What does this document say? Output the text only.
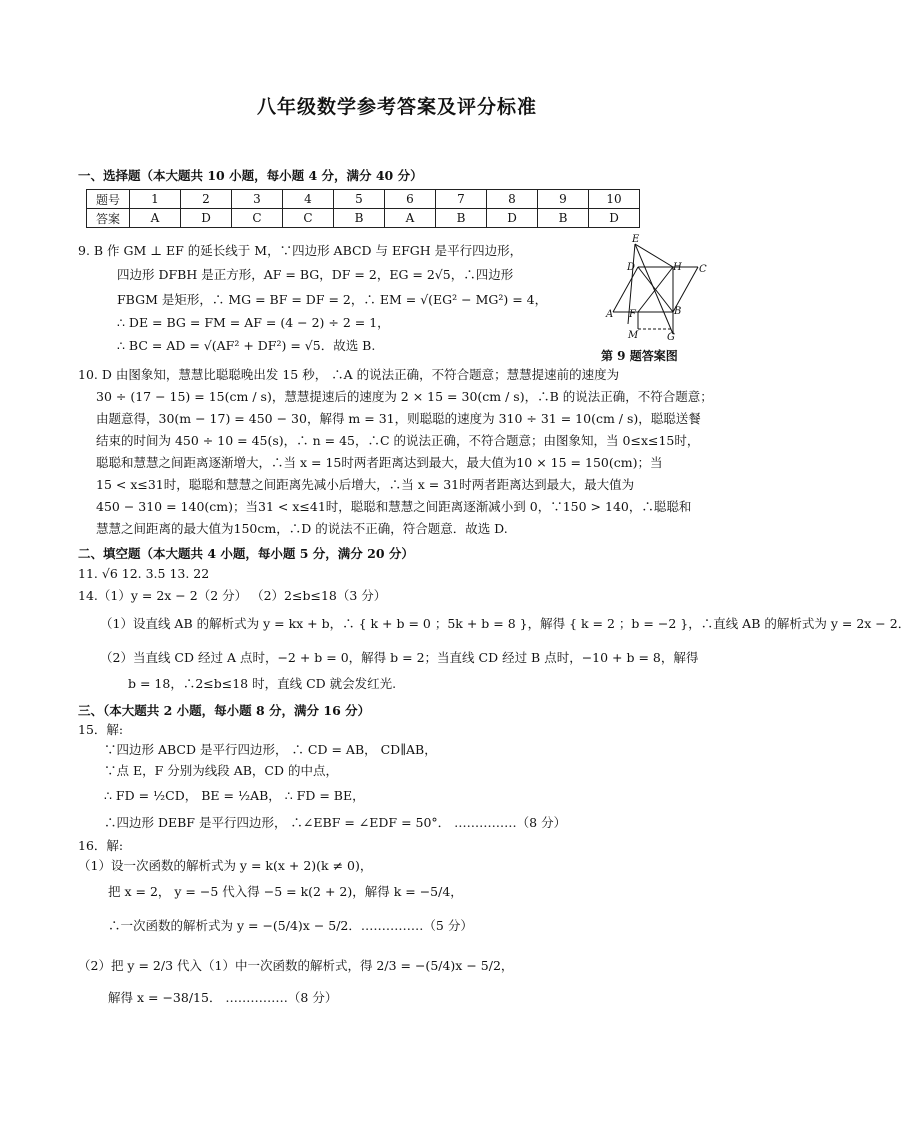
八年级数学参考答案及评分标准
一、选择题（本大题共 10 小题，每小题 4 分，满分 40 分）
题号	1	2	3	4	5	6	7	8	9	10
答案	A	D	C	C	B	A	B	D	B	D
9. B 作 GM ⊥ EF 的延长线于 M，∵四边形 ABCD 与 EFGH 是平行四边形，
四边形 DFBH 是正方形，AF = BG，DF = 2，EG = 2√5，∴四边形
FBGM 是矩形，∴ MG = BF = DF = 2，∴ EM = √(EG² − MG²) = 4，
∴ DE = BG = FM = AF = (4 − 2) ÷ 2 = 1，
∴ BC = AD = √(AF² + DF²) = √5．故选 B.
E
D	H C
A F	B
M	G
第 9 题答案图
10. D 由图象知，慧慧比聪聪晚出发 15 秒， ∴A 的说法正确，不符合题意；慧慧提速前的速度为
30 ÷ (17 − 15) = 15(cm / s)，慧慧提速后的速度为 2 × 15 = 30(cm / s)，∴B 的说法正确，不符合题意；
由题意得，30(m − 17) = 450 − 30，解得 m = 31，则聪聪的速度为 310 ÷ 31 = 10(cm / s)，聪聪送餐
结束的时间为 450 ÷ 10 = 45(s)，∴ n = 45，∴C 的说法正确，不符合题意；由图象知，当 0≤x≤15时，
聪聪和慧慧之间距离逐渐增大，∴当 x = 15时两者距离达到最大，最大值为10 × 15 = 150(cm)；当
15 < x≤31时，聪聪和慧慧之间距离先减小后增大，∴当 x = 31时两者距离达到最大，最大值为
450 − 310 = 140(cm)；当31 < x≤41时，聪聪和慧慧之间距离逐渐减小到 0，∵150 > 140，∴聪聪和
慧慧之间距离的最大值为150cm，∴D 的说法不正确，符合题意．故选 D.
二、填空题（本大题共 4 小题，每小题 5 分，满分 20 分）
11. √6 12. 3.5 13. 22
14.（1）y = 2x − 2（2 分） （2）2≤b≤18（3 分）
（1）设直线 AB 的解析式为 y = kx + b，∴ { k + b = 0 ；5k + b = 8 }，解得 { k = 2 ；b = −2 }，∴直线 AB 的解析式为 y = 2x − 2．
（2）当直线 CD 经过 A 点时，−2 + b = 0，解得 b = 2；当直线 CD 经过 B 点时，−10 + b = 8，解得
b = 18，∴2≤b≤18 时，直线 CD 就会发红光.
三、（本大题共 2 小题，每小题 8 分，满分 16 分）
15．解:
∵四边形 ABCD 是平行四边形， ∴ CD = AB， CD∥AB，
∵点 E，F 分别为线段 AB，CD 的中点，
∴ FD = ½CD， BE = ½AB， ∴ FD = BE，
∴四边形 DEBF 是平行四边形， ∴∠EBF = ∠EDF = 50°． ……………（8 分）
16．解:
（1）设一次函数的解析式为 y = k(x + 2)(k ≠ 0)，
把 x = 2， y = −5 代入得 −5 = k(2 + 2)，解得 k = −5/4，
∴一次函数的解析式为 y = −(5/4)x − 5/2．……………（5 分）
（2）把 y = 2/3 代入（1）中一次函数的解析式，得 2/3 = −(5/4)x − 5/2，
解得 x = −38/15． ……………（8 分）
